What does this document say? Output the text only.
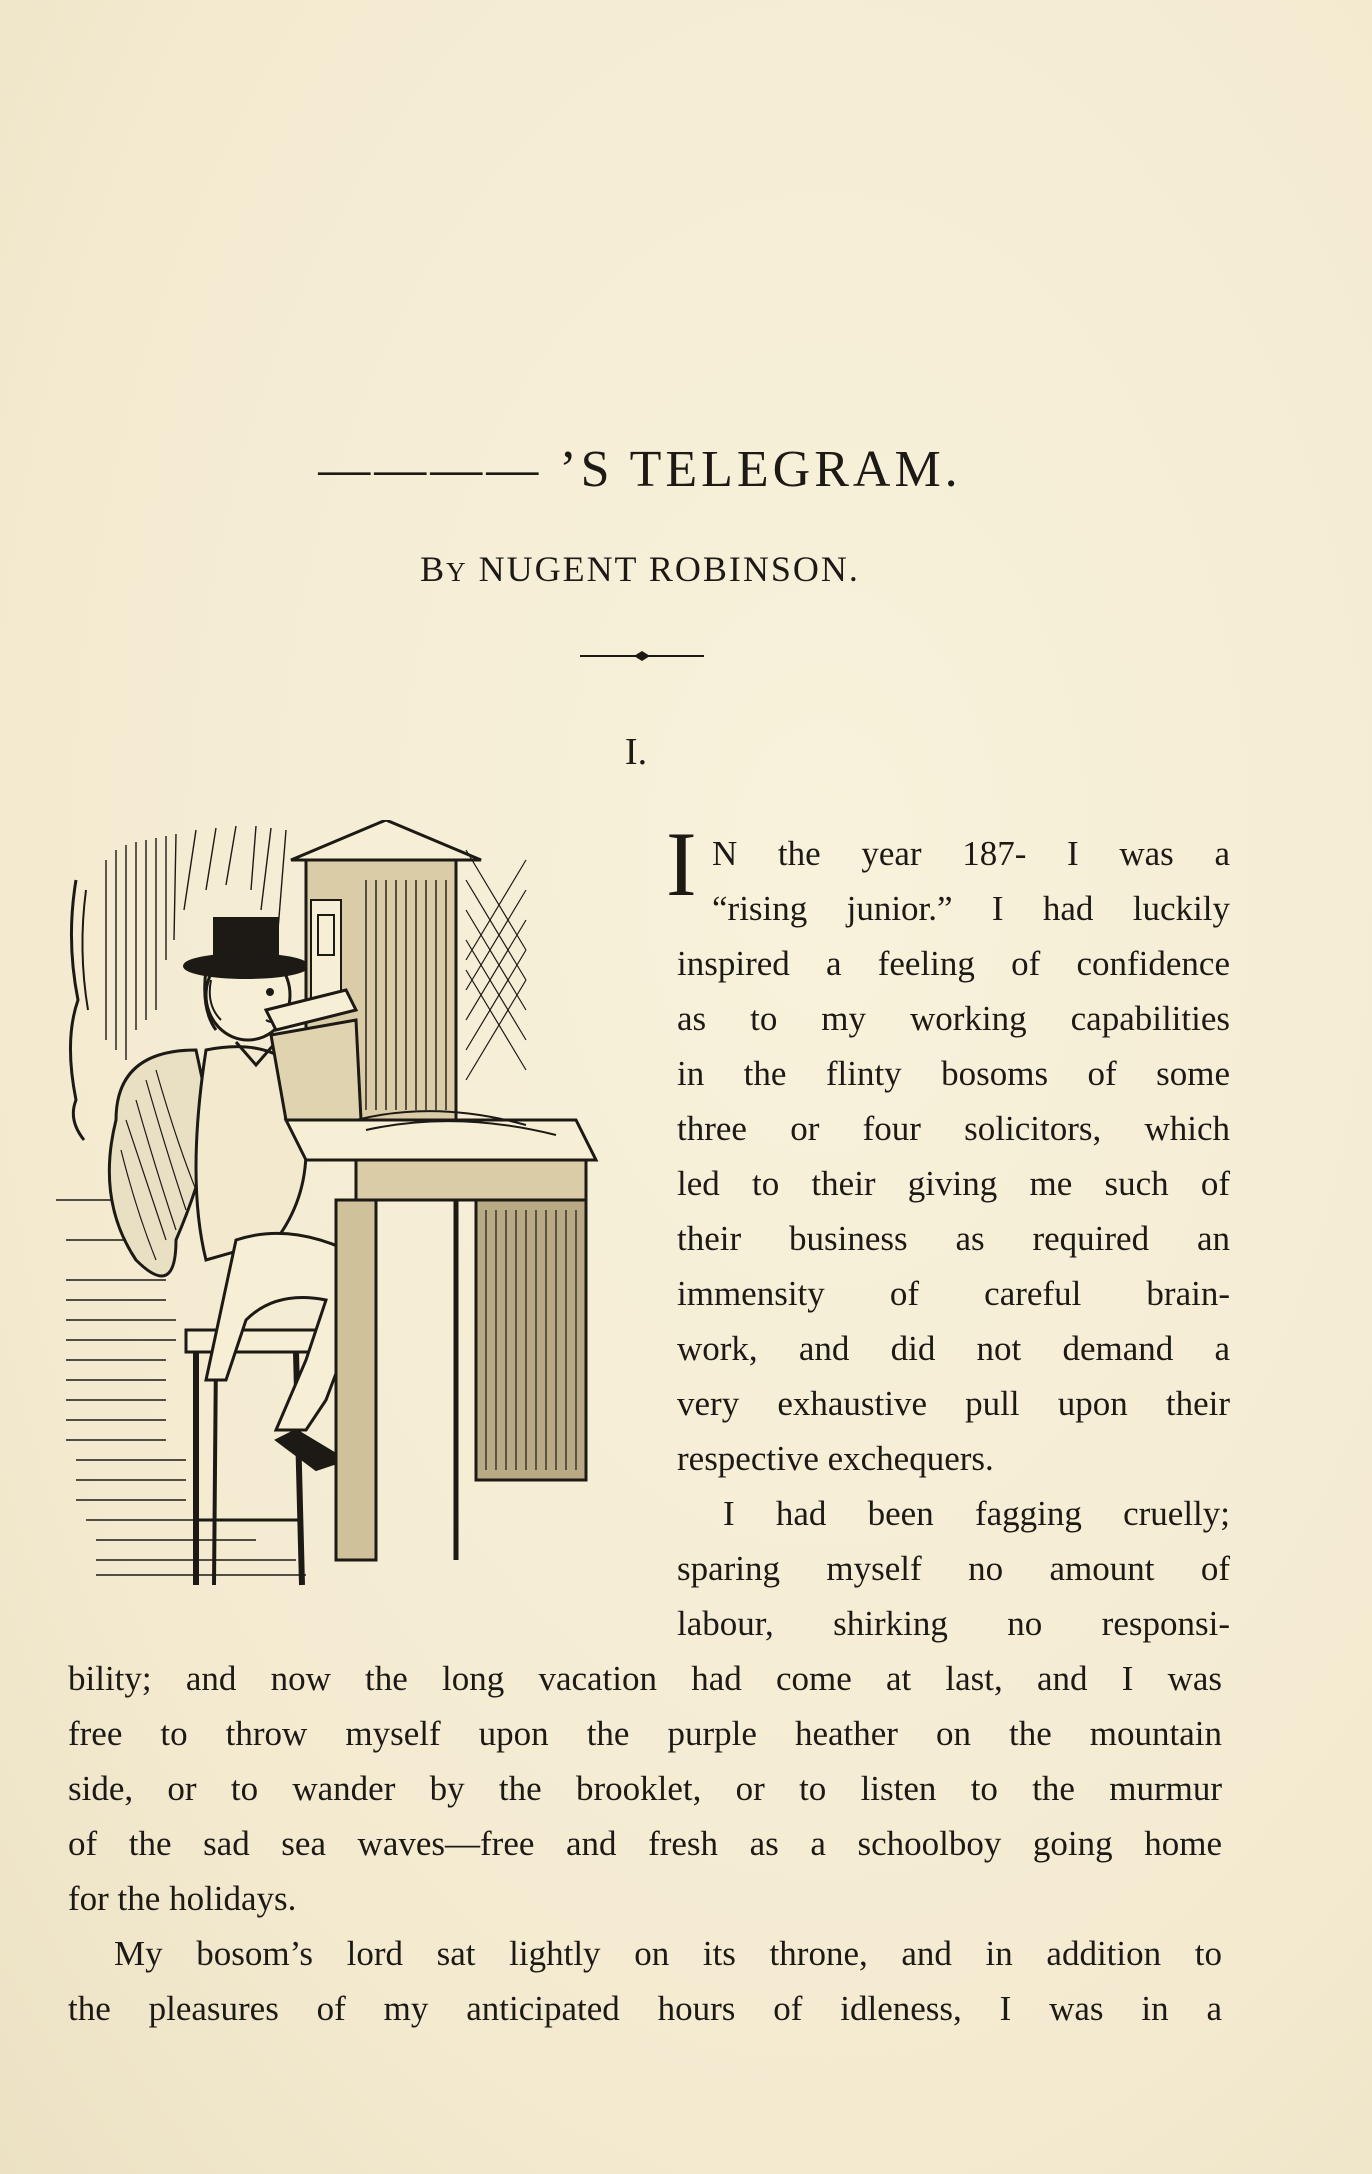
———— ’S TELEGRAM.
BY NUGENT ROBINSON.
I.
I N the year 187- I was a
“rising junior.” I had luckily
inspired a feeling of confidence
as to my working capabilities
in the flinty bosoms of some
three or four solicitors, which
led to their giving me such of
their business as required an
immensity of careful brain-
work, and did not demand a
very exhaustive pull upon their
respective exchequers.
I had been fagging cruelly;
sparing myself no amount of
labour, shirking no responsi-
bility; and now the long vacation had come at last, and I was
free to throw myself upon the purple heather on the mountain
side, or to wander by the brooklet, or to listen to the murmur
of the sad sea waves—free and fresh as a schoolboy going home
for the holidays.
My bosom’s lord sat lightly on its throne, and in addition to
the pleasures of my anticipated hours of idleness, I was in a
